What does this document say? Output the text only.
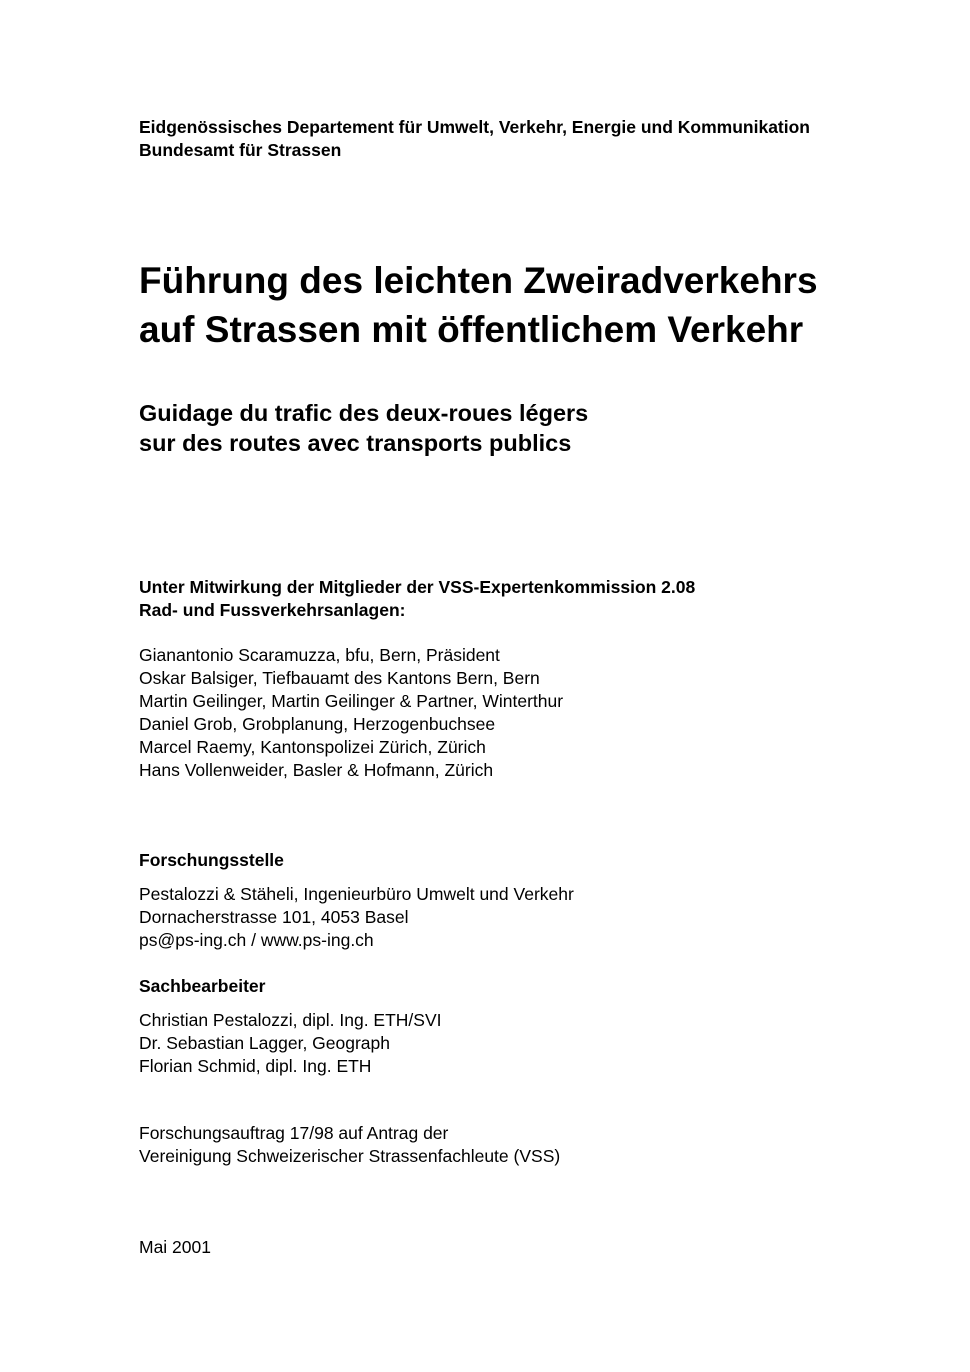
Eidgenössisches Departement für Umwelt, Verkehr, Energie und Kommunikation
Bundesamt für Strassen
Führung des leichten Zweiradverkehrs
auf Strassen mit öffentlichem Verkehr
Guidage du trafic des deux-roues légers
sur des routes avec transports publics
Unter Mitwirkung der Mitglieder der VSS-Expertenkommission 2.08
Rad- und Fussverkehrsanlagen:
Gianantonio Scaramuzza, bfu, Bern, Präsident
Oskar Balsiger, Tiefbauamt des Kantons Bern, Bern
Martin Geilinger, Martin Geilinger & Partner, Winterthur
Daniel Grob, Grobplanung, Herzogenbuchsee
Marcel Raemy, Kantonspolizei Zürich, Zürich
Hans Vollenweider, Basler & Hofmann, Zürich
Forschungsstelle
Pestalozzi & Stäheli, Ingenieurbüro Umwelt und Verkehr
Dornacherstrasse 101, 4053 Basel
ps@ps-ing.ch / www.ps-ing.ch
Sachbearbeiter
Christian Pestalozzi, dipl. Ing. ETH/SVI
Dr. Sebastian Lagger, Geograph
Florian Schmid, dipl. Ing. ETH
Forschungsauftrag 17/98 auf Antrag der
Vereinigung Schweizerischer Strassenfachleute (VSS)
Mai 2001
